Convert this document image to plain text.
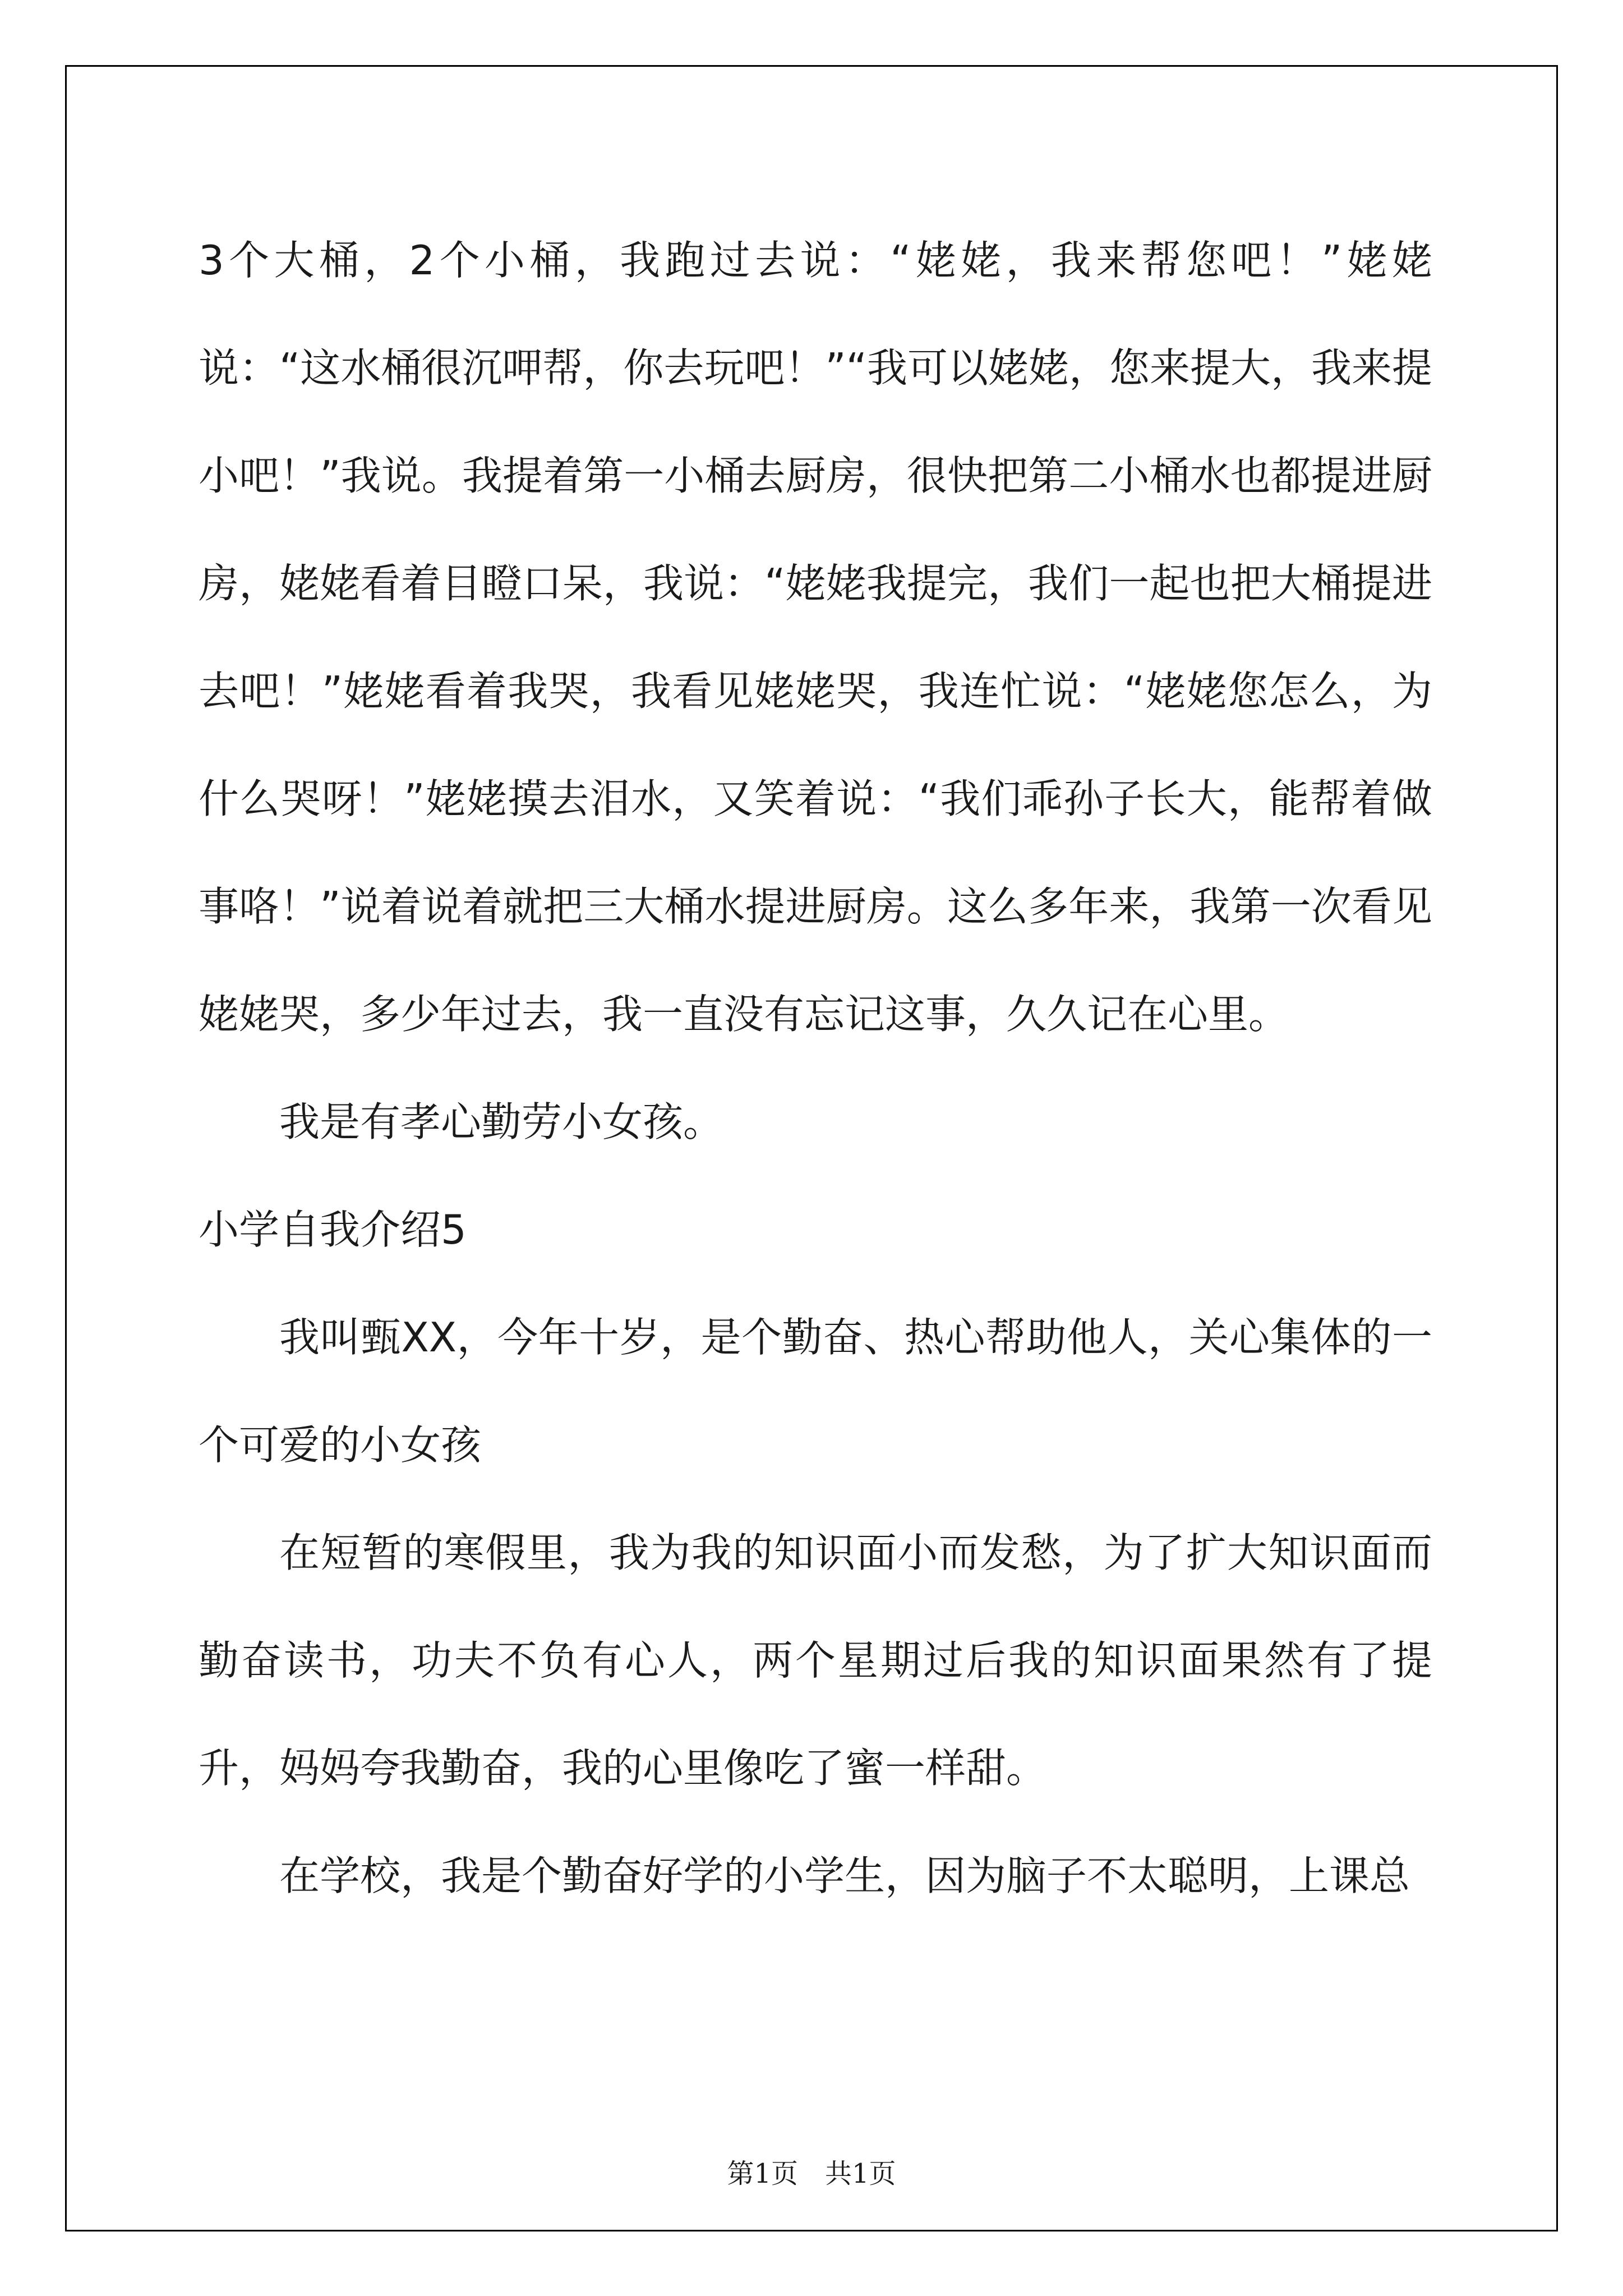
3个大桶，2个小桶，我跑过去说：“姥姥，我来帮您吧！”姥姥说：“这水桶很沉呷帮，你去玩吧！”“我可以姥姥，您来提大，我来提小吧！”我说。我提着第一小桶去厨房，很快把第二小桶水也都提进厨房，姥姥看着目瞪口呆，我说：“姥姥我提完，我们一起也把大桶提进去吧！”姥姥看着我哭，我看见姥姥哭，我连忙说：“姥姥您怎么，为什么哭呀！”姥姥摸去泪水，又笑着说：“我们乖孙子长大，能帮着做事咯！”说着说着就把三大桶水提进厨房。这么多年来，我第一次看见姥姥哭，多少年过去，我一直没有忘记这事，久久记在心里。

我是有孝心勤劳小女孩。

小学自我介绍5

我叫甄XX，今年十岁，是个勤奋、热心帮助他人，关心集体的一个可爱的小女孩

在短暂的寒假里，我为我的知识面小而发愁，为了扩大知识面而勤奋读书，功夫不负有心人，两个星期过后我的知识面果然有了提升，妈妈夸我勤奋，我的心里像吃了蜜一样甜。

在学校，我是个勤奋好学的小学生，因为脑子不太聪明，上课总

第1页　共1页
